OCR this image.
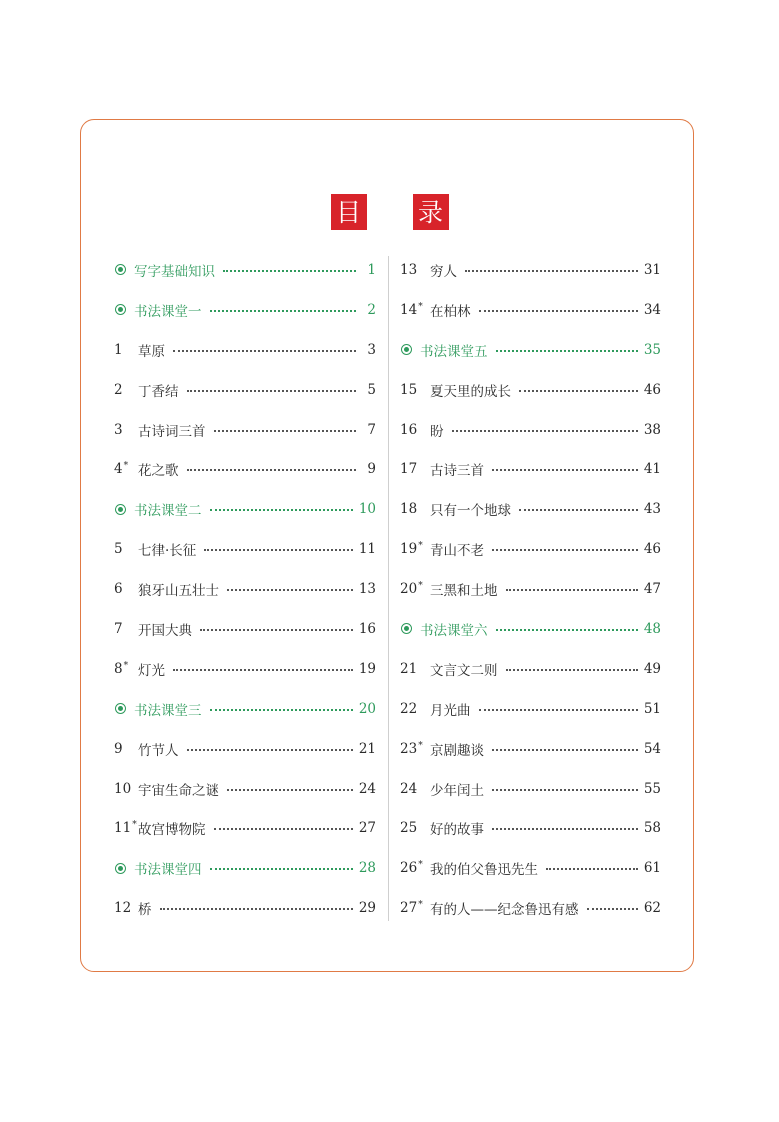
目 录
写字基础知识	1
书法课堂一	2
1	草原	3
2	丁香结	5
3	古诗词三首	7
4* 花之歌	9
书法课堂二	10
5	七律·长征	11
6	狼牙山五壮士	13
7	开国大典	16
8* 灯光	19
书法课堂三	20
9	竹节人	21
10 宇宙生命之谜	24
11* 故宫博物院	27
书法课堂四	28
12 桥	29
13 穷人	31
14* 在柏林	34
书法课堂五	35
15 夏天里的成长	46
16 盼	38
17 古诗三首	41
18 只有一个地球	43
19* 青山不老	46
20* 三黑和土地	47
书法课堂六	48
21 文言文二则	49
22 月光曲	51
23* 京剧趣谈	54
24 少年闰土	55
25 好的故事	58
26* 我的伯父鲁迅先生	61
27* 有的人——纪念鲁迅有感	62
